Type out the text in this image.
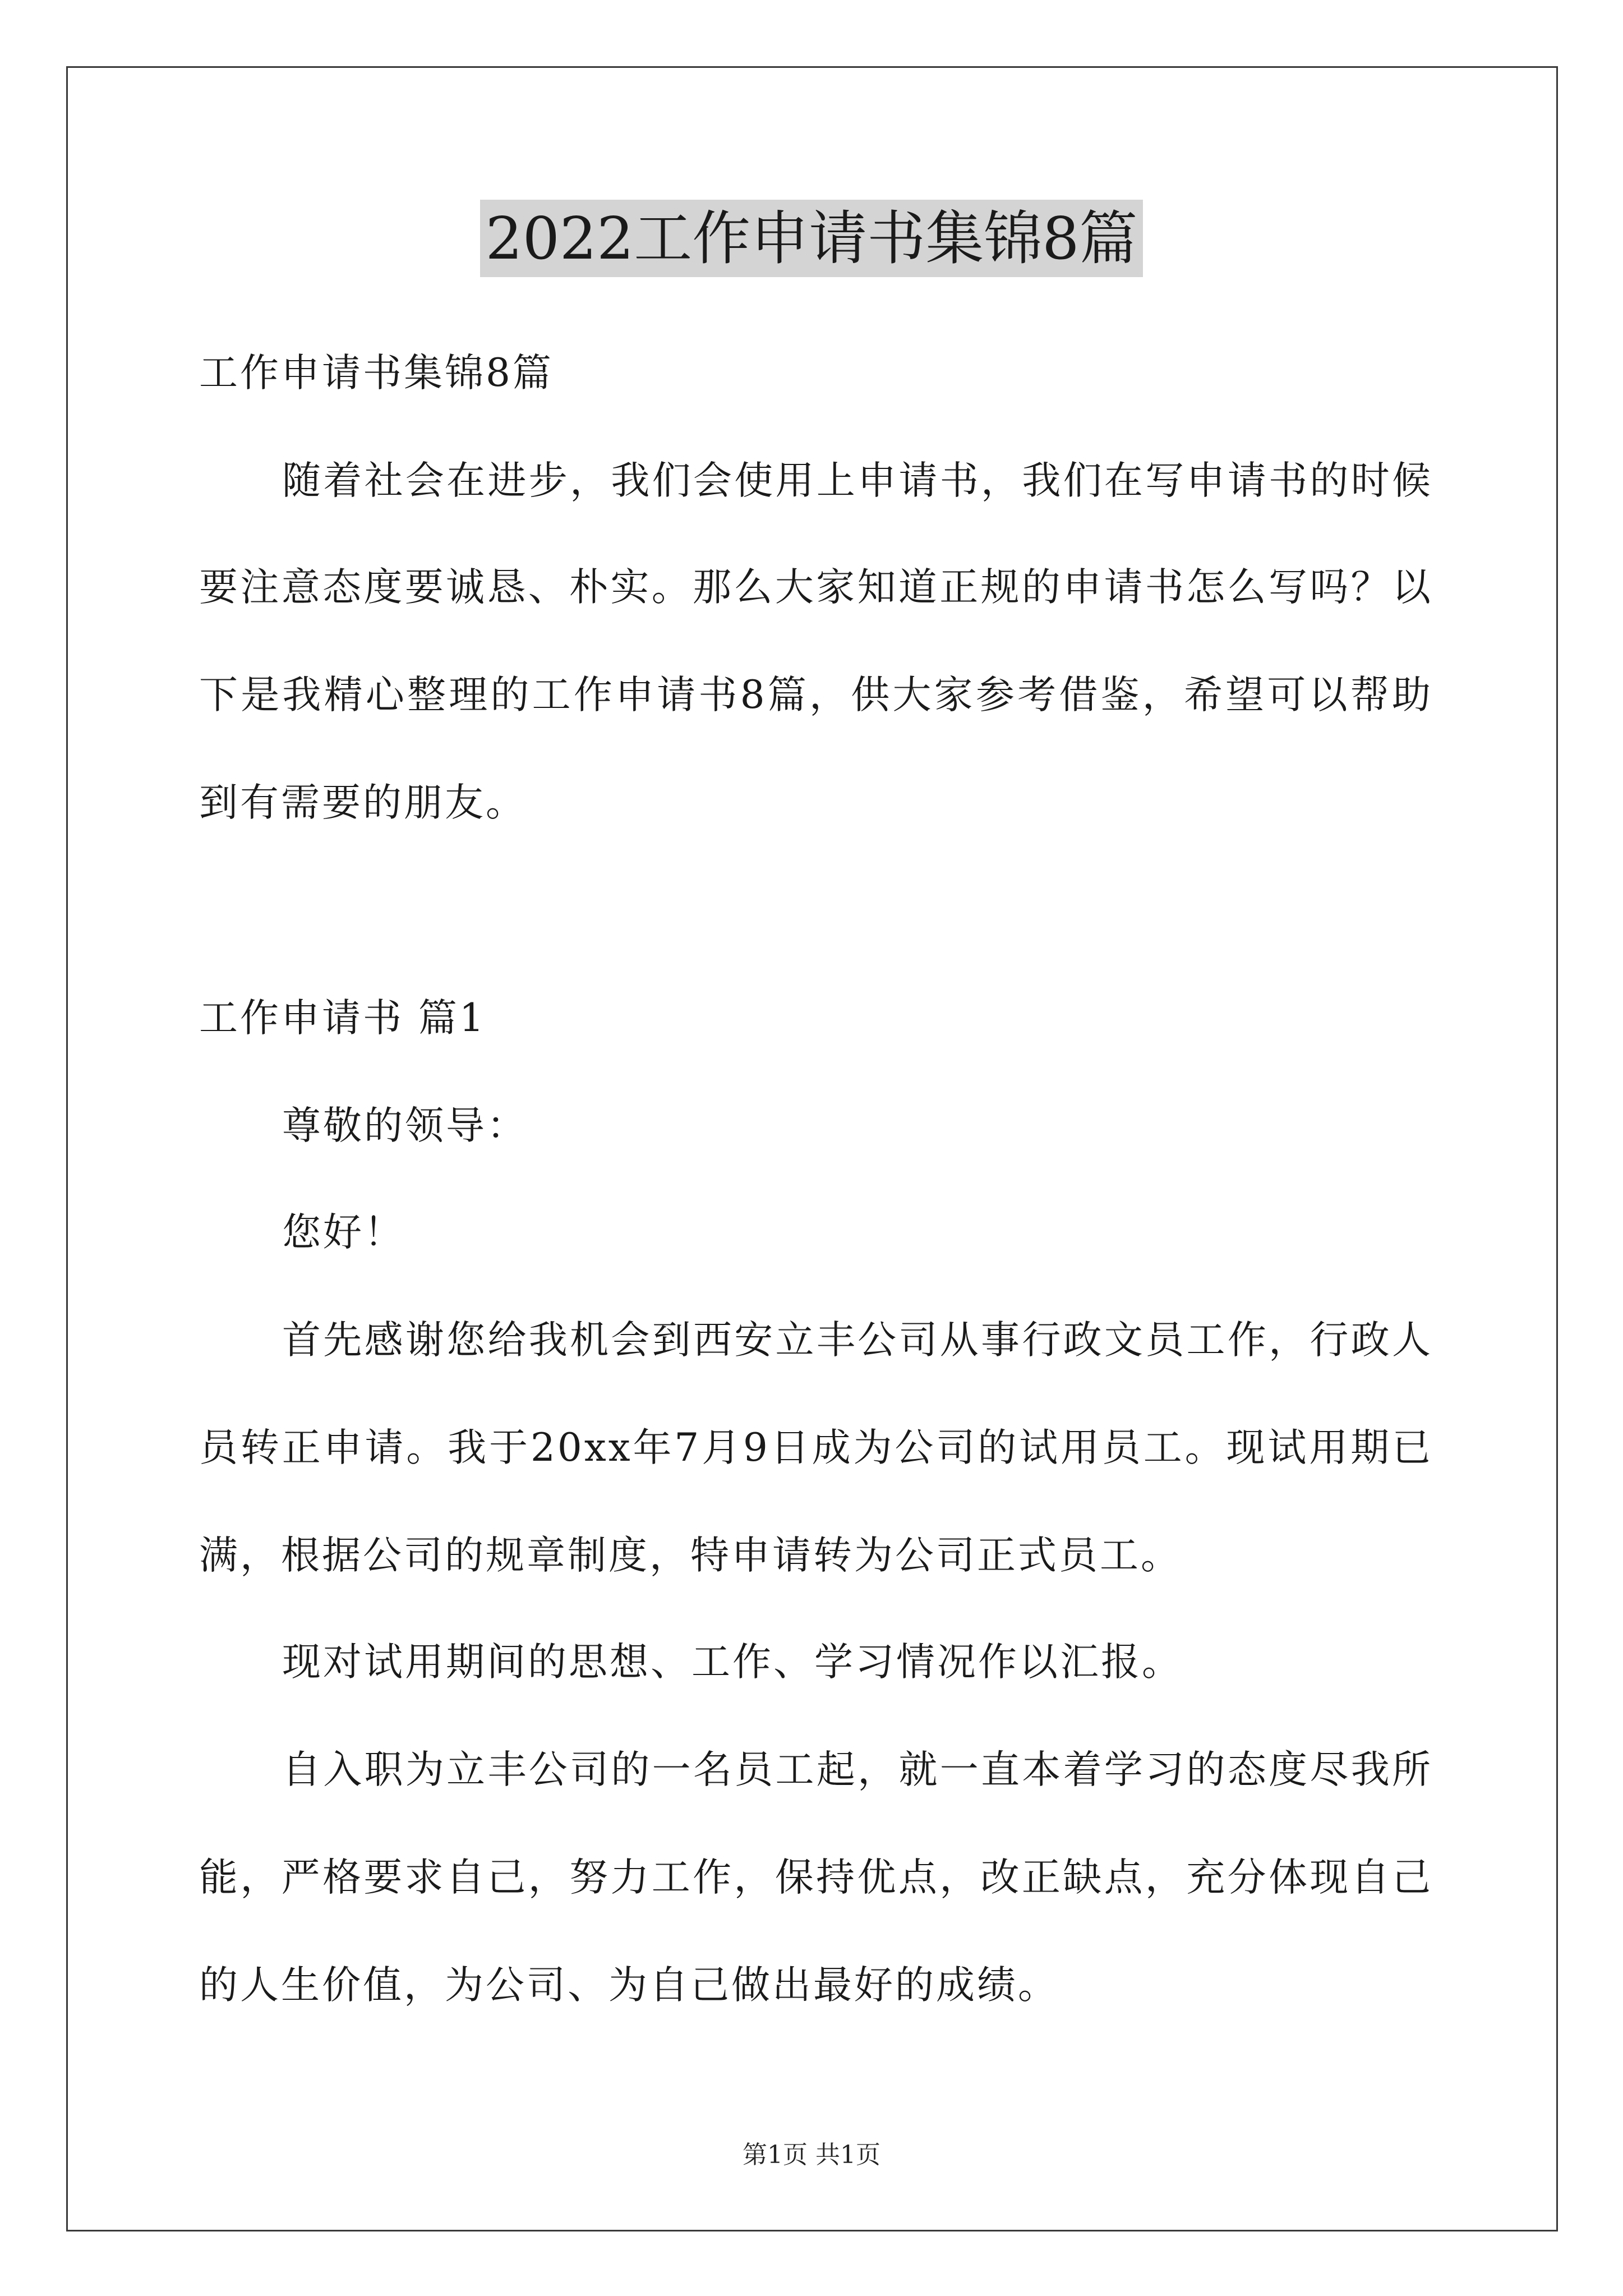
2022工作申请书集锦8篇
工作申请书集锦8篇
随着社会在进步，我们会使用上申请书，我们在写申请书的时候
要注意态度要诚恳、朴实。那么大家知道正规的申请书怎么写吗？以
下是我精心整理的工作申请书8篇，供大家参考借鉴，希望可以帮助
到有需要的朋友。
工作申请书 篇1
尊敬的领导：
您好！
首先感谢您给我机会到西安立丰公司从事行政文员工作，行政人
员转正申请。我于20xx年7月9日成为公司的试用员工。现试用期已
满，根据公司的规章制度，特申请转为公司正式员工。
现对试用期间的思想、工作、学习情况作以汇报。
自入职为立丰公司的一名员工起，就一直本着学习的态度尽我所
能，严格要求自己，努力工作，保持优点，改正缺点，充分体现自己
的人生价值，为公司、为自己做出最好的成绩。
第1页 共1页
